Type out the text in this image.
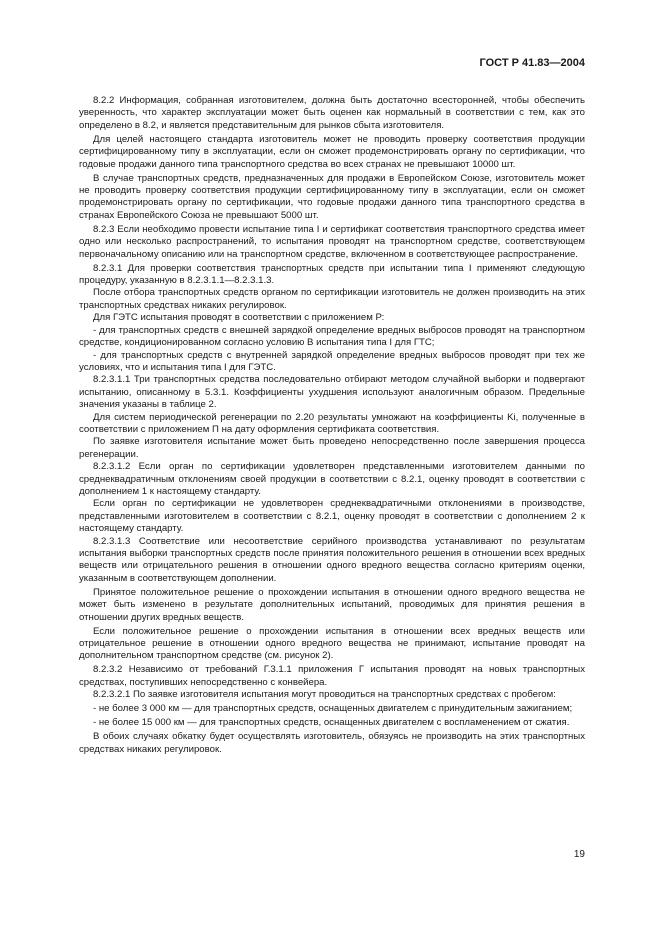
ГОСТ Р 41.83—2004

8.2.2 Информация, собранная изготовителем, должна быть достаточно всесторонней, чтобы обеспечить уверенность, что характер эксплуатации может быть оценен как нормальный в соответствии с тем, как это определено в 8.2, и является представительным для рынков сбыта изготовителя.

Для целей настоящего стандарта изготовитель может не проводить проверку соответствия продукции сертифицированному типу в эксплуатации, если он сможет продемонстрировать органу по сертификации, что годовые продажи данного типа транспортного средства во всех странах не превышают 10000 шт.

В случае транспортных средств, предназначенных для продажи в Европейском Союзе, изготовитель может не проводить проверку соответствия продукции сертифицированному типу в эксплуатации, если он сможет продемонстрировать органу по сертификации, что годовые продажи данного типа транспортного средства в странах Европейского Союза не превышают 5000 шт.

8.2.3 Если необходимо провести испытание типа I и сертификат соответствия транспортного средства имеет одно или несколько распространений, то испытания проводят на транспортном средстве, соответствующем первоначальному описанию или на транспортном средстве, включенном в соответствующее распространение.

8.2.3.1 Для проверки соответствия транспортных средств при испытании типа I применяют следующую процедуру, указанную в 8.2.3.1.1—8.2.3.1.3.

После отбора транспортных средств органом по сертификации изготовитель не должен производить на этих транспортных средствах никаких регулировок.

Для ГЭТС испытания проводят в соответствии с приложением Р:

- для транспортных средств с внешней зарядкой определение вредных выбросов проводят на транспортном средстве, кондиционированном согласно условию В испытания типа I для ГТС;

- для транспортных средств с внутренней зарядкой определение вредных выбросов проводят при тех же условиях, что и испытания типа I для ГЭТС.

8.2.3.1.1 Три транспортных средства последовательно отбирают методом случайной выборки и подвергают испытанию, описанному в 5.3.1. Коэффициенты ухудшения используют аналогичным образом. Предельные значения указаны в таблице 2.

Для систем периодической регенерации по 2.20 результаты умножают на коэффициенты Ki, полученные в соответствии с приложением П на дату оформления сертификата соответствия.

По заявке изготовителя испытание может быть проведено непосредственно после завершения процесса регенерации.

8.2.3.1.2 Если орган по сертификации удовлетворен представленными изготовителем данными по среднеквадратичным отклонениям своей продукции в соответствии с 8.2.1, оценку проводят в соответствии с дополнением 1 к настоящему стандарту.

Если орган по сертификации не удовлетворен среднеквадратичными отклонениями в производстве, представленными изготовителем в соответствии с 8.2.1, оценку проводят в соответствии с дополнением 2 к настоящему стандарту.

8.2.3.1.3 Соответствие или несоответствие серийного производства устанавливают по результатам испытания выборки транспортных средств после принятия положительного решения в отношении всех вредных веществ или отрицательного решения в отношении одного вредного вещества согласно критериям оценки, указанным в соответствующем дополнении.

Принятое положительное решение о прохождении испытания в отношении одного вредного вещества не может быть изменено в результате дополнительных испытаний, проводимых для принятия решения в отношении других вредных веществ.

Если положительное решение о прохождении испытания в отношении всех вредных веществ или отрицательное решение в отношении одного вредного вещества не принимают, испытание проводят на дополнительном транспортном средстве (см. рисунок 2).

8.2.3.2 Независимо от требований Г.3.1.1 приложения Г испытания проводят на новых транспортных средствах, поступивших непосредственно с конвейера.

8.2.3.2.1 По заявке изготовителя испытания могут проводиться на транспортных средствах с пробегом:

- не более 3 000 км — для транспортных средств, оснащенных двигателем с принудительным зажиганием;

- не более 15 000 км — для транспортных средств, оснащенных двигателем с воспламенением от сжатия.

В обоих случаях обкатку будет осуществлять изготовитель, обязуясь не производить на этих транспортных средствах никаких регулировок.

19
